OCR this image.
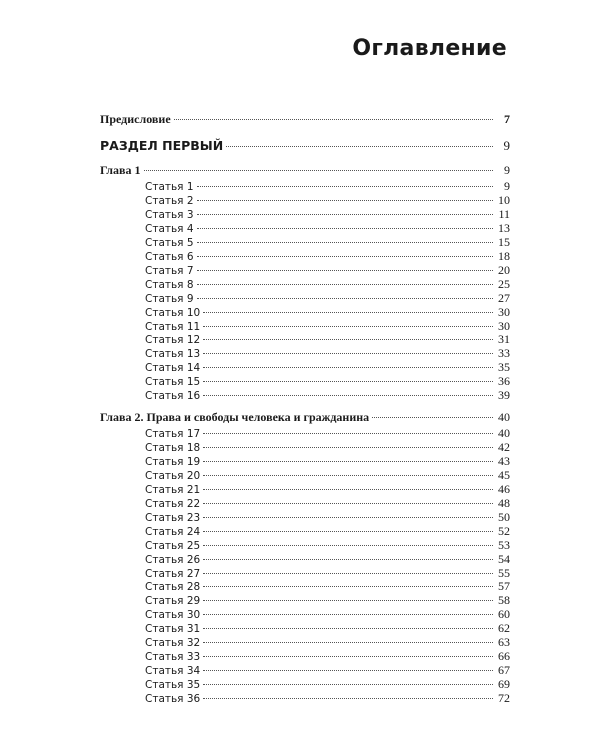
Оглавление
Предисловие	7
РАЗДЕЛ ПЕРВЫЙ	9
Глава 1	9
Статья 1	9
Статья 2	10
Статья 3	11
Статья 4	13
Статья 5	15
Статья 6	18
Статья 7	20
Статья 8	25
Статья 9	27
Статья 10	30
Статья 11	30
Статья 12	31
Статья 13	33
Статья 14	35
Статья 15	36
Статья 16	39
Глава 2. Права и свободы человека и гражданина	40
Статья 17	40
Статья 18	42
Статья 19	43
Статья 20	45
Статья 21	46
Статья 22	48
Статья 23	50
Статья 24	52
Статья 25	53
Статья 26	54
Статья 27	55
Статья 28	57
Статья 29	58
Статья 30	60
Статья 31	62
Статья 32	63
Статья 33	66
Статья 34	67
Статья 35	69
Статья 36	72
